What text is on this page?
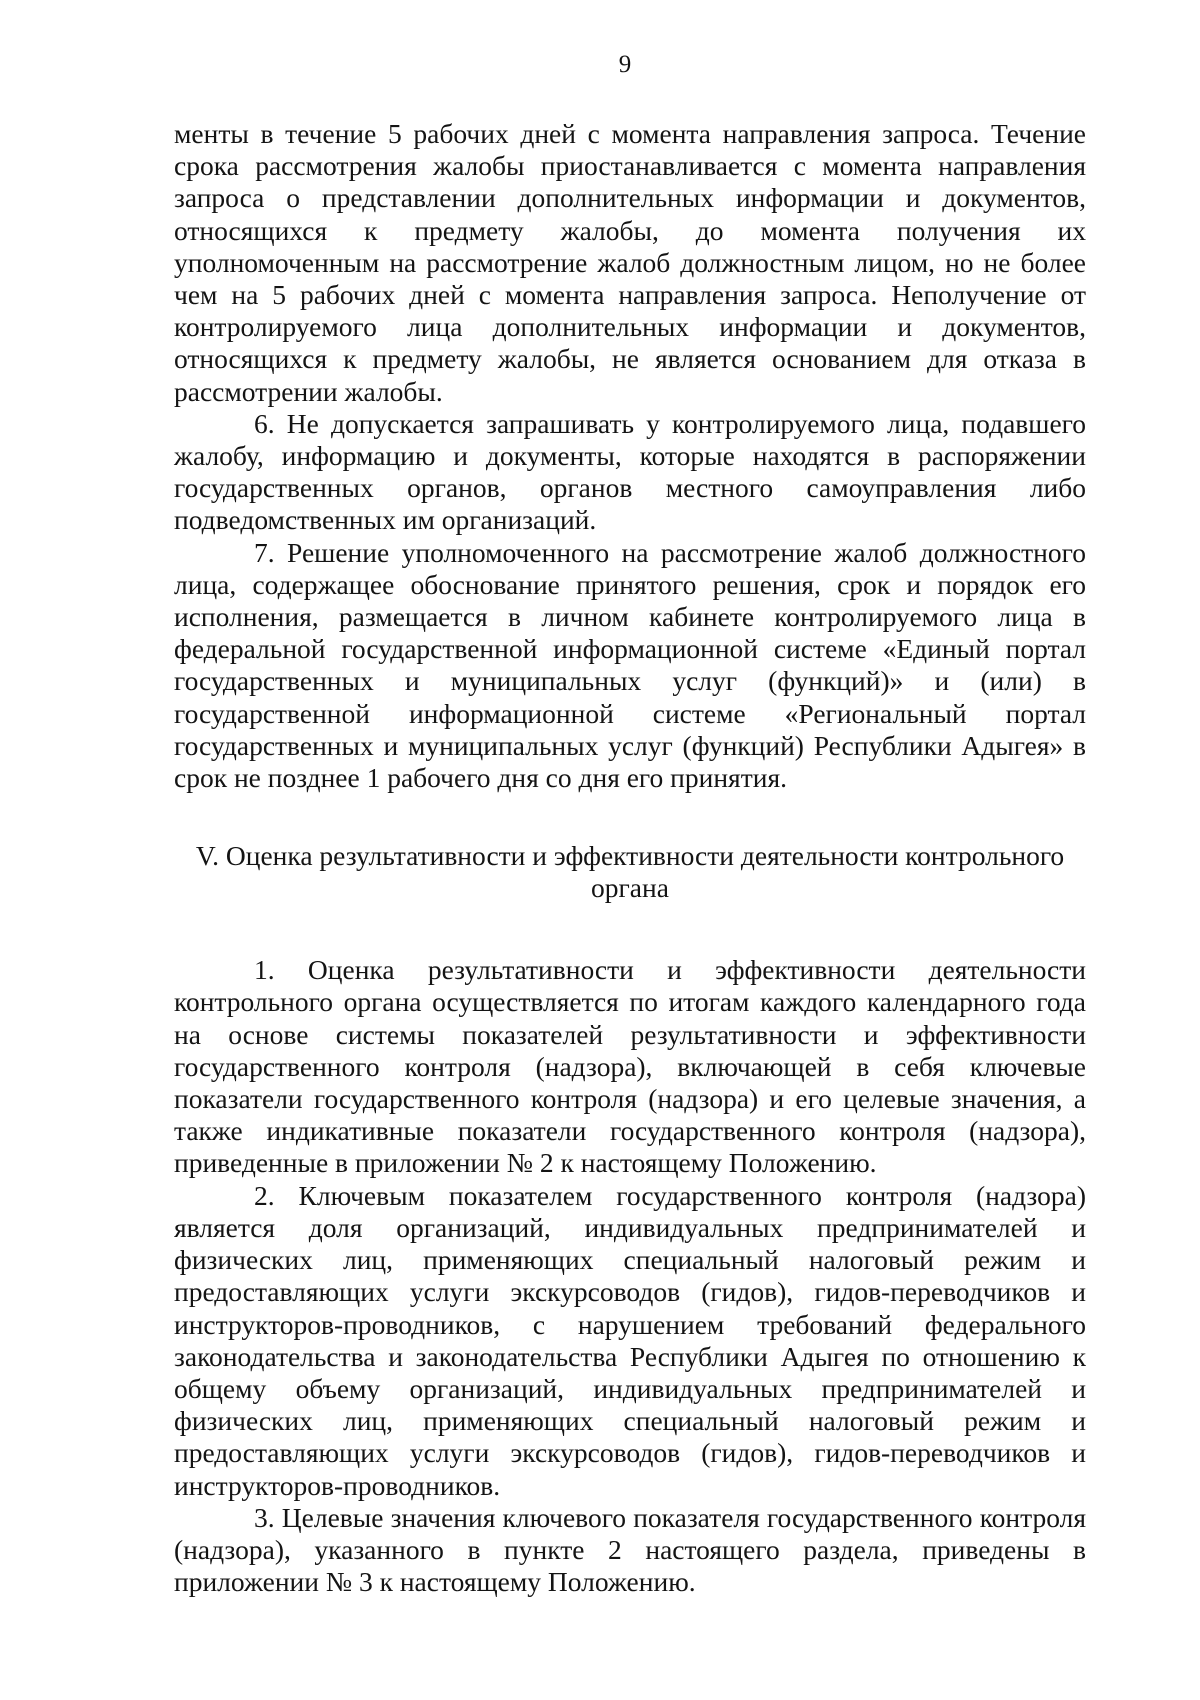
9

менты в течение 5 рабочих дней с момента направления запроса. Течение срока рассмотрения жалобы приостанавливается с момента направления запроса о представлении дополнительных информации и документов, относящихся к предмету жалобы, до момента получения их уполномоченным на рассмотрение жалоб должностным лицом, но не более чем на 5 рабочих дней с момента направления запроса. Неполучение от контролируемого лица дополнительных информации и документов, относящихся к предмету жалобы, не является основанием для отказа в рассмотрении жалобы.

6. Не допускается запрашивать у контролируемого лица, подавшего жалобу, информацию и документы, которые находятся в распоряжении государственных органов, органов местного самоуправления либо подведомственных им организаций.

7. Решение уполномоченного на рассмотрение жалоб должностного лица, содержащее обоснование принятого решения, срок и порядок его исполнения, размещается в личном кабинете контролируемого лица в федеральной государственной информационной системе «Единый портал государственных и муниципальных услуг (функций)» и (или) в государственной информационной системе «Региональный портал государственных и муниципальных услуг (функций) Республики Адыгея» в срок не позднее 1 рабочего дня со дня его принятия.

V. Оценка результативности и эффективности деятельности контрольного
органа

1. Оценка результативности и эффективности деятельности контрольного органа осуществляется по итогам каждого календарного года на основе системы показателей результативности и эффективности государственного контроля (надзора), включающей в себя ключевые показатели государственного контроля (надзора) и его целевые значения, а также индикативные показатели государственного контроля (надзора), приведенные в приложении № 2 к настоящему Положению.

2. Ключевым показателем государственного контроля (надзора) является доля организаций, индивидуальных предпринимателей и физических лиц, применяющих специальный налоговый режим и предоставляющих услуги экскурсоводов (гидов), гидов-переводчиков и инструкторов-проводников, с нарушением требований федерального законодательства и законодательства Республики Адыгея по отношению к общему объему организаций, индивидуальных предпринимателей и физических лиц, применяющих специальный налоговый режим и предоставляющих услуги экскурсоводов (гидов), гидов-переводчиков и инструкторов-проводников.

3. Целевые значения ключевого показателя государственного контроля (надзора), указанного в пункте 2 настоящего раздела, приведены в приложении № 3 к настоящему Положению.
